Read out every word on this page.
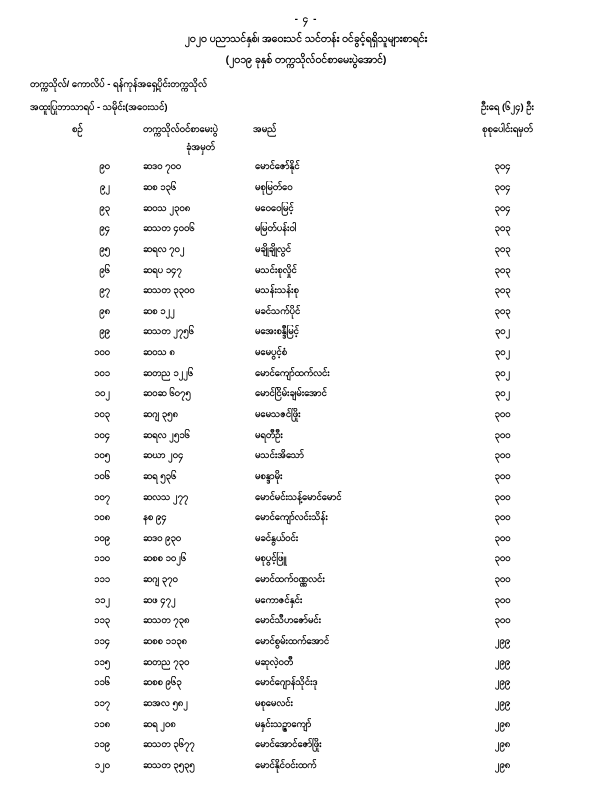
- ၄ -
၂၀၂၀ ပညာသင်နှစ်၊ အဝေးသင် သင်တန်း ဝင်ခွင့်ရရှိသူများစာရင်း
(၂၀၁၉ ခုနှစ် တက္ကသိုလ်ဝင်စာမေးပွဲအောင်)
တက္ကသိုလ်/ ကောလိပ် - ရန်ကုန်အရှေ့ပိုင်းတက္ကသိုလ်
အထူးပြုဘာသာရပ် - သမိုင်း(အဝေးသင်)	ဦးရေ (၆၂၄) ဦး
စဉ်	တက္ကသိုလ်ဝင်စာမေးပွဲ	အမည်	စုစုပေါင်းရမှတ်
ခုံအမှတ်
၉၀	ဆဒဝ ၇၀၀	မောင်ဇော်နိုင်	၃၀၄
၉၂	ဆစ ၁၃၆	မစုမြတ်ဝေ	၃၀၄
၉၃	ဆဝသ ၂၃၀၈	မဝေဝေမြင့်	၃၀၄
၉၄	ဆသတ ၄၀၀၆	မမြတ်ပန်းဝါ	၃၀၃
၉၅	ဆရလ ၇၀၂	မချိုချိုလွင်	၃၀၃
၉၆	ဆရပ ၁၄၇	မသင်းစုလှိုင်	၃၀၃
၉၇	ဆသတ ၃၃၀၀	မသန်းသန်းစု	၃၀၃
၉၈	ဆစ ၁၂၂	မခင်သက်ပိုင်	၃၀၃
၉၉	ဆသတ ၂၇၅၆	မအေးစန္ဒီမြင့်	၃၀၂
၁၀၀	ဆဝသ ၈	မမေပွင့်စံ	၃၀၂
၁၀၁	ဆတည ၁၂၂၆	မောင်ကျော်ထက်လင်း	၃၀၂
၁၀၂	ဆဝဆ ၆၀၇၅	မောင်ငြိမ်းချမ်းအောင်	၃၀၂
၁၀၃	ဆဂျ ၃၅၈	မမေသဇင်ဖြိုး	၃၀၀
၁၀၄	ဆရလ ၂၅၁၆	မရတီဦး	၃၀၀
၁၀၅	ဆဃာ ၂၀၄	မသင်းအိသော်	၃၀၀
၁၀၆	ဆရ ၅၃၆	မစန္ဒာမိုး	၃၀၀
၁၀၇	ဆလသ ၂၇၇	မောင်မင်းသန့်မောင်မောင်	၃၀၀
၁၀၈	နစ ၉၄	မောင်ကျော်လင်းသိန်း	၃၀၀
၁၀၉	ဆဒဝ ၉၃၀	မခင်နွယ်ဝင်း	၃၀၀
၁၁၀	ဆစစ ၁၀၂၆	မစုပွင့်ဖြူ	၃၀၀
၁၁၁	ဆဂျ ၃၇၀	မောင်ထက်ဝဏ္ဏလင်း	၃၀၀
၁၁၂	ဆဖ ၄၇၂	မကောဇင်နှင်း	၃၀၀
၁၁၃	ဆသတ ၇၃၈	မောင်သီဟဇော်မင်း	၃၀၀
၁၁၄	ဆစစ ၁၁၃၈	မောင်စွမ်းထက်အောင်	၂၉၉
၁၁၅	ဆတည ၇၃၀	မဆုလဲ့ဝတီ	၂၉၉
၁၁၆	ဆစစ ၉၆၃	မောင်ဂျောန်သိုင်းဒု	၂၉၉
၁၁၇	ဆအလ ၅၈၂	မစုမေလင်း	၂၉၉
၁၁၈	ဆရ ၂၀၈	မနှင်းသဉ္ဇာကျော်	၂၉၈
၁၁၉	ဆသတ ၃၆၇၇	မောင်အောင်ဇော်ဖြိုး	၂၉၈
၁၂၀	ဆသတ ၃၅၃၅	မောင်နိုင်ဝင်းထက်	၂၉၈
